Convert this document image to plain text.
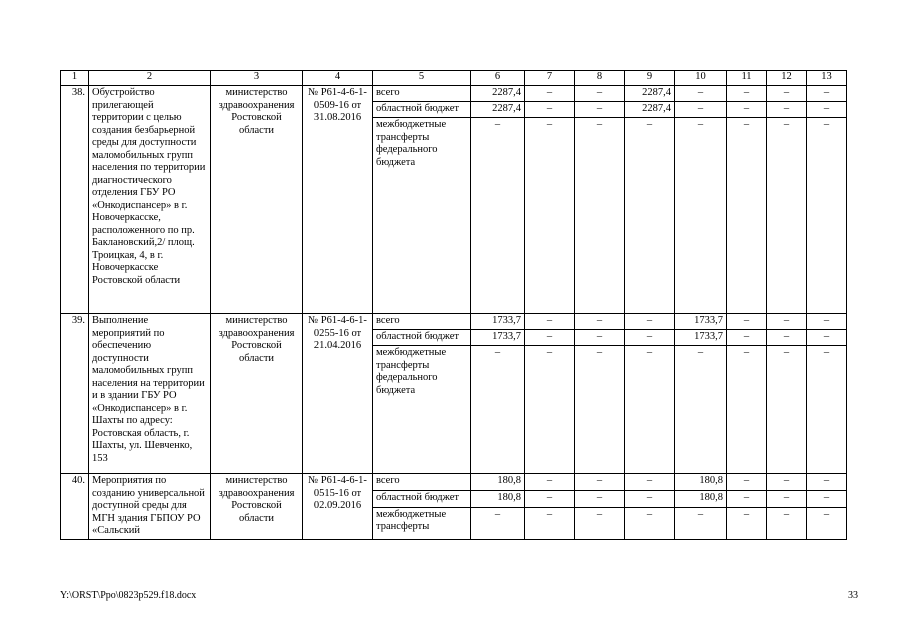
1	2	3	4	5	6	7	8	9	10	11	12	13
38.	Обустройство прилегающей территории с целью создания безбарьерной среды для доступности маломобильных групп населения по территории диагностического отделения ГБУ РО «Онкодиспансер» в г. Новочеркасске, расположенного по пр. Баклановский,2/ площ. Троицкая, 4, в г. Новочеркасске Ростовской области	министерство здравоохранения Ростовской области	№ Р61-4-6-1-0509-16 от 31.08.2016	всего	2287,4	–	–	2287,4	–	–	–	–
				областной бюджет	2287,4	–	–	2287,4	–	–	–	–
				межбюджетные трансферты федерального бюджета	–	–	–	–	–	–	–	–
39.	Выполнение мероприятий по обеспечению доступности маломобильных групп населения на территории и в здании ГБУ РО «Онкодиспансер» в г. Шахты по адресу: Ростовская область, г. Шахты, ул. Шевченко, 153	министерство здравоохранения Ростовской области	№ Р61-4-6-1-0255-16 от 21.04.2016	всего	1733,7	–	–	–	1733,7	–	–	–
				областной бюджет	1733,7	–	–	–	1733,7	–	–	–
				межбюджетные трансферты федерального бюджета	–	–	–	–	–	–	–	–
40.	Мероприятия по созданию универсальной доступной среды для МГН здания ГБПОУ РО «Сальский	министерство здравоохранения Ростовской области	№ Р61-4-6-1-0515-16 от 02.09.2016	всего	180,8	–	–	–	180,8	–	–	–
				областной бюджет	180,8	–	–	–	180,8	–	–	–
				межбюджетные трансферты	–	–	–	–	–	–	–	–
Y:\ORST\Ppo\0823p529.f18.docx	33
